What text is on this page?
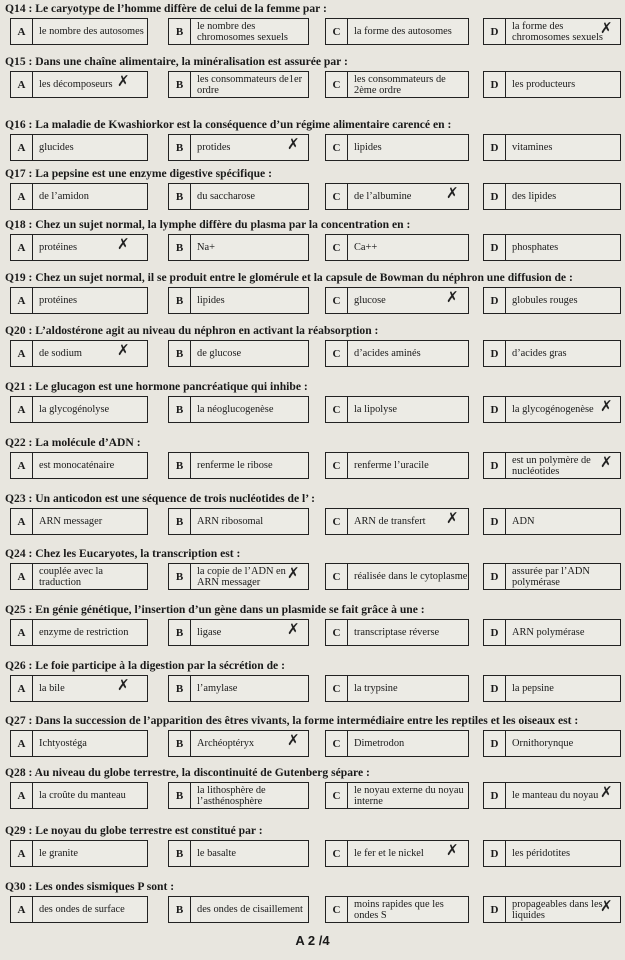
Q14 : Le caryotype de l’homme diffère de celui de la femme par :
A	le nombre des autosomes	B	le nombre des chromosomes sexuels	C	la forme des autosomes	D	la forme des chromosomes sexuels
✗
Q15 : Dans une chaîne alimentaire, la minéralisation est assurée par :
A	les décomposeurs ✗	B	les consommateurs de1er ordre	C	les consommateurs de 2ème ordre	D	les producteurs
Q16 : La maladie de Kwashiorkor est la conséquence d’un régime alimentaire carencé en :
A	glucides	B	protides	✗	C	lipides	D	vitamines
Q17 : La pepsine est une enzyme digestive spécifique :
A	de l’amidon	B	du saccharose	C	de l’albumine	✗	D	des lipides
Q18 : Chez un sujet normal, la lymphe diffère du plasma par la concentration en :
A	protéines	✗	B	Na+	C	Ca++	D	phosphates
Q19 : Chez un sujet normal, il se produit entre le glomérule et la capsule de Bowman du néphron une diffusion de :
A	protéines	B	lipides	C	glucose	✗	D	globules rouges
Q20 : L’aldostérone agit au niveau du néphron en activant la réabsorption :
A	de sodium	✗	B	de glucose	C	d’acides aminés	D	d’acides gras
Q21 : Le glucagon est une hormone pancréatique qui inhibe :
A	la glycogénolyse	B	la néoglucogenèse	C	la lipolyse	D	la glycogénogenèse ✗
Q22 : La molécule d’ADN :
A	est monocaténaire	B	renferme le ribose	C	renferme l’uracile	D	est un polymère de nucléotides	✗
Q23 : Un anticodon est une séquence de trois nucléotides de l’ :
A	ARN messager	B	ARN ribosomal	C	ARN de transfert	✗	D	ADN
Q24 : Chez les Eucaryotes, la transcription est :
A	couplée avec la traduction	B	la copie de l’ADN en ARN messager	✗	C	réalisée dans le cytoplasme	D	assurée par l’ADN polymérase
Q25 : En génie génétique, l’insertion d’un gène dans un plasmide se fait grâce à une :
A	enzyme de restriction	B	ligase	✗	C	transcriptase réverse	D	ARN polymérase
Q26 : Le foie participe à la digestion par la sécrétion de :
A	la bile	✗	B	l’amylase	C	la trypsine	D	la pepsine
Q27 : Dans la succession de l’apparition des êtres vivants, la forme intermédiaire entre les reptiles et les oiseaux est :
A	Ichtyostéga	B	Archéoptéryx	✗	C	Dimetrodon	D	Ornithorynque
Q28 : Au niveau du globe terrestre, la discontinuité de Gutenberg sépare :
A	la croûte du manteau	B	la lithosphère de l’asthénosphère	C	le noyau externe du noyau interne	D	le manteau du noyau ✗
Q29 : Le noyau du globe terrestre est constitué par :
A	le granite	B	le basalte	C	le fer et le nickel	✗	D	les péridotites
Q30 : Les ondes sismiques P sont :
A	des ondes de surface	B	des ondes de cisaillement	C	moins rapides que les ondes S	D	propageables dans les liquides	✗
A 2 /4
